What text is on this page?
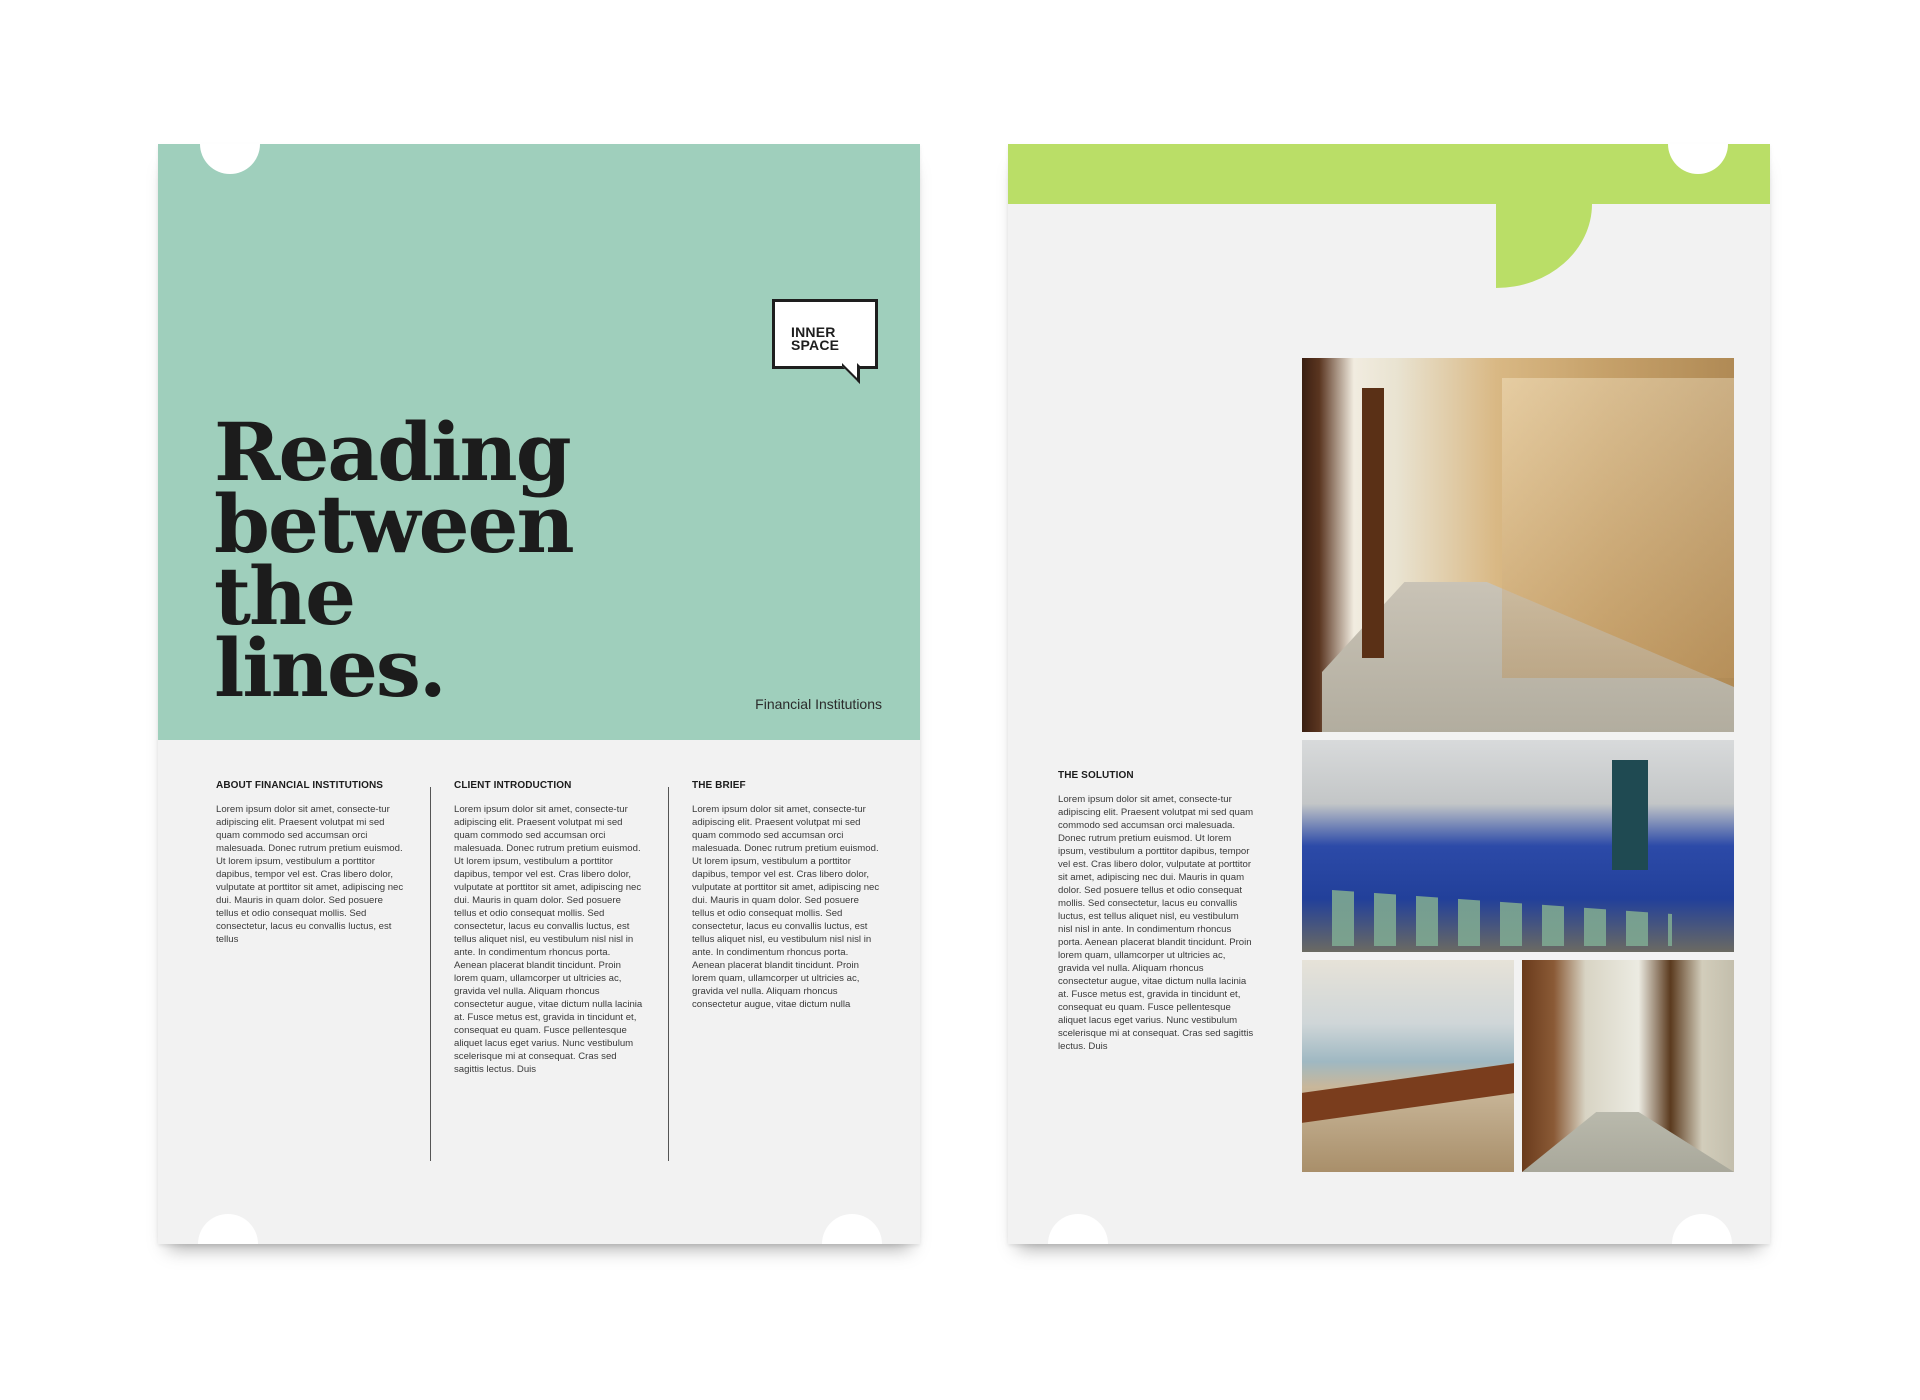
INNER
SPACE
Reading
between
the
lines.	Financial Institutions

ABOUT FINANCIAL INSTITUTIONS

Lorem ipsum dolor sit amet, consecte-tur adipiscing elit. Praesent volutpat mi sed quam commodo sed accumsan orci malesuada. Donec rutrum pretium euismod. Ut lorem ipsum, vestibulum a porttitor dapibus, tempor vel est. Cras libero dolor, vulputate at porttitor sit amet, adipiscing nec dui. Mauris in quam dolor. Sed posuere tellus et odio consequat mollis. Sed consectetur, lacus eu convallis luctus, est tellus

CLIENT INTRODUCTION

Lorem ipsum dolor sit amet, consecte-tur adipiscing elit. Praesent volutpat mi sed quam commodo sed accumsan orci malesuada. Donec rutrum pretium euismod. Ut lorem ipsum, vestibulum a porttitor dapibus, tempor vel est. Cras libero dolor, vulputate at porttitor sit amet, adipiscing nec dui. Mauris in quam dolor. Sed posuere tellus et odio consequat mollis. Sed consectetur, lacus eu convallis luctus, est tellus aliquet nisl, eu vestibulum nisl nisl in ante. In condimentum rhoncus porta. Aenean placerat blandit tincidunt. Proin lorem quam, ullamcorper ut ultricies ac, gravida vel nulla. Aliquam rhoncus consectetur augue, vitae dictum nulla lacinia at. Fusce metus est, gravida in tincidunt et, consequat eu quam. Fusce pellentesque aliquet lacus eget varius. Nunc vestibulum scelerisque mi at consequat. Cras sed sagittis lectus. Duis

THE BRIEF

Lorem ipsum dolor sit amet, consecte-tur adipiscing elit. Praesent volutpat mi sed quam commodo sed accumsan orci malesuada. Donec rutrum pretium euismod. Ut lorem ipsum, vestibulum a porttitor dapibus, tempor vel est. Cras libero dolor, vulputate at porttitor sit amet, adipiscing nec dui. Mauris in quam dolor. Sed posuere tellus et odio consequat mollis. Sed consectetur, lacus eu convallis luctus, est tellus aliquet nisl, eu vestibulum nisl nisl in ante. In condimentum rhoncus porta. Aenean placerat blandit tincidunt. Proin lorem quam, ullamcorper ut ultricies ac, gravida vel nulla. Aliquam rhoncus consectetur augue, vitae dictum nulla

THE SOLUTION

Lorem ipsum dolor sit amet, consecte-tur adipiscing elit. Praesent volutpat mi sed quam commodo sed accumsan orci malesuada. Donec rutrum pretium euismod. Ut lorem ipsum, vestibulum a porttitor dapibus, tempor vel est. Cras libero dolor, vulputate at porttitor sit amet, adipiscing nec dui. Mauris in quam dolor. Sed posuere tellus et odio consequat mollis. Sed consectetur, lacus eu convallis luctus, est tellus aliquet nisl, eu vestibulum nisl nisl in ante. In condimentum rhoncus porta. Aenean placerat blandit tincidunt. Proin lorem quam, ullamcorper ut ultricies ac, gravida vel nulla. Aliquam rhoncus consectetur augue, vitae dictum nulla lacinia at. Fusce metus est, gravida in tincidunt et, consequat eu quam. Fusce pellentesque aliquet lacus eget varius. Nunc vestibulum scelerisque mi at consequat. Cras sed sagittis lectus. Duis
